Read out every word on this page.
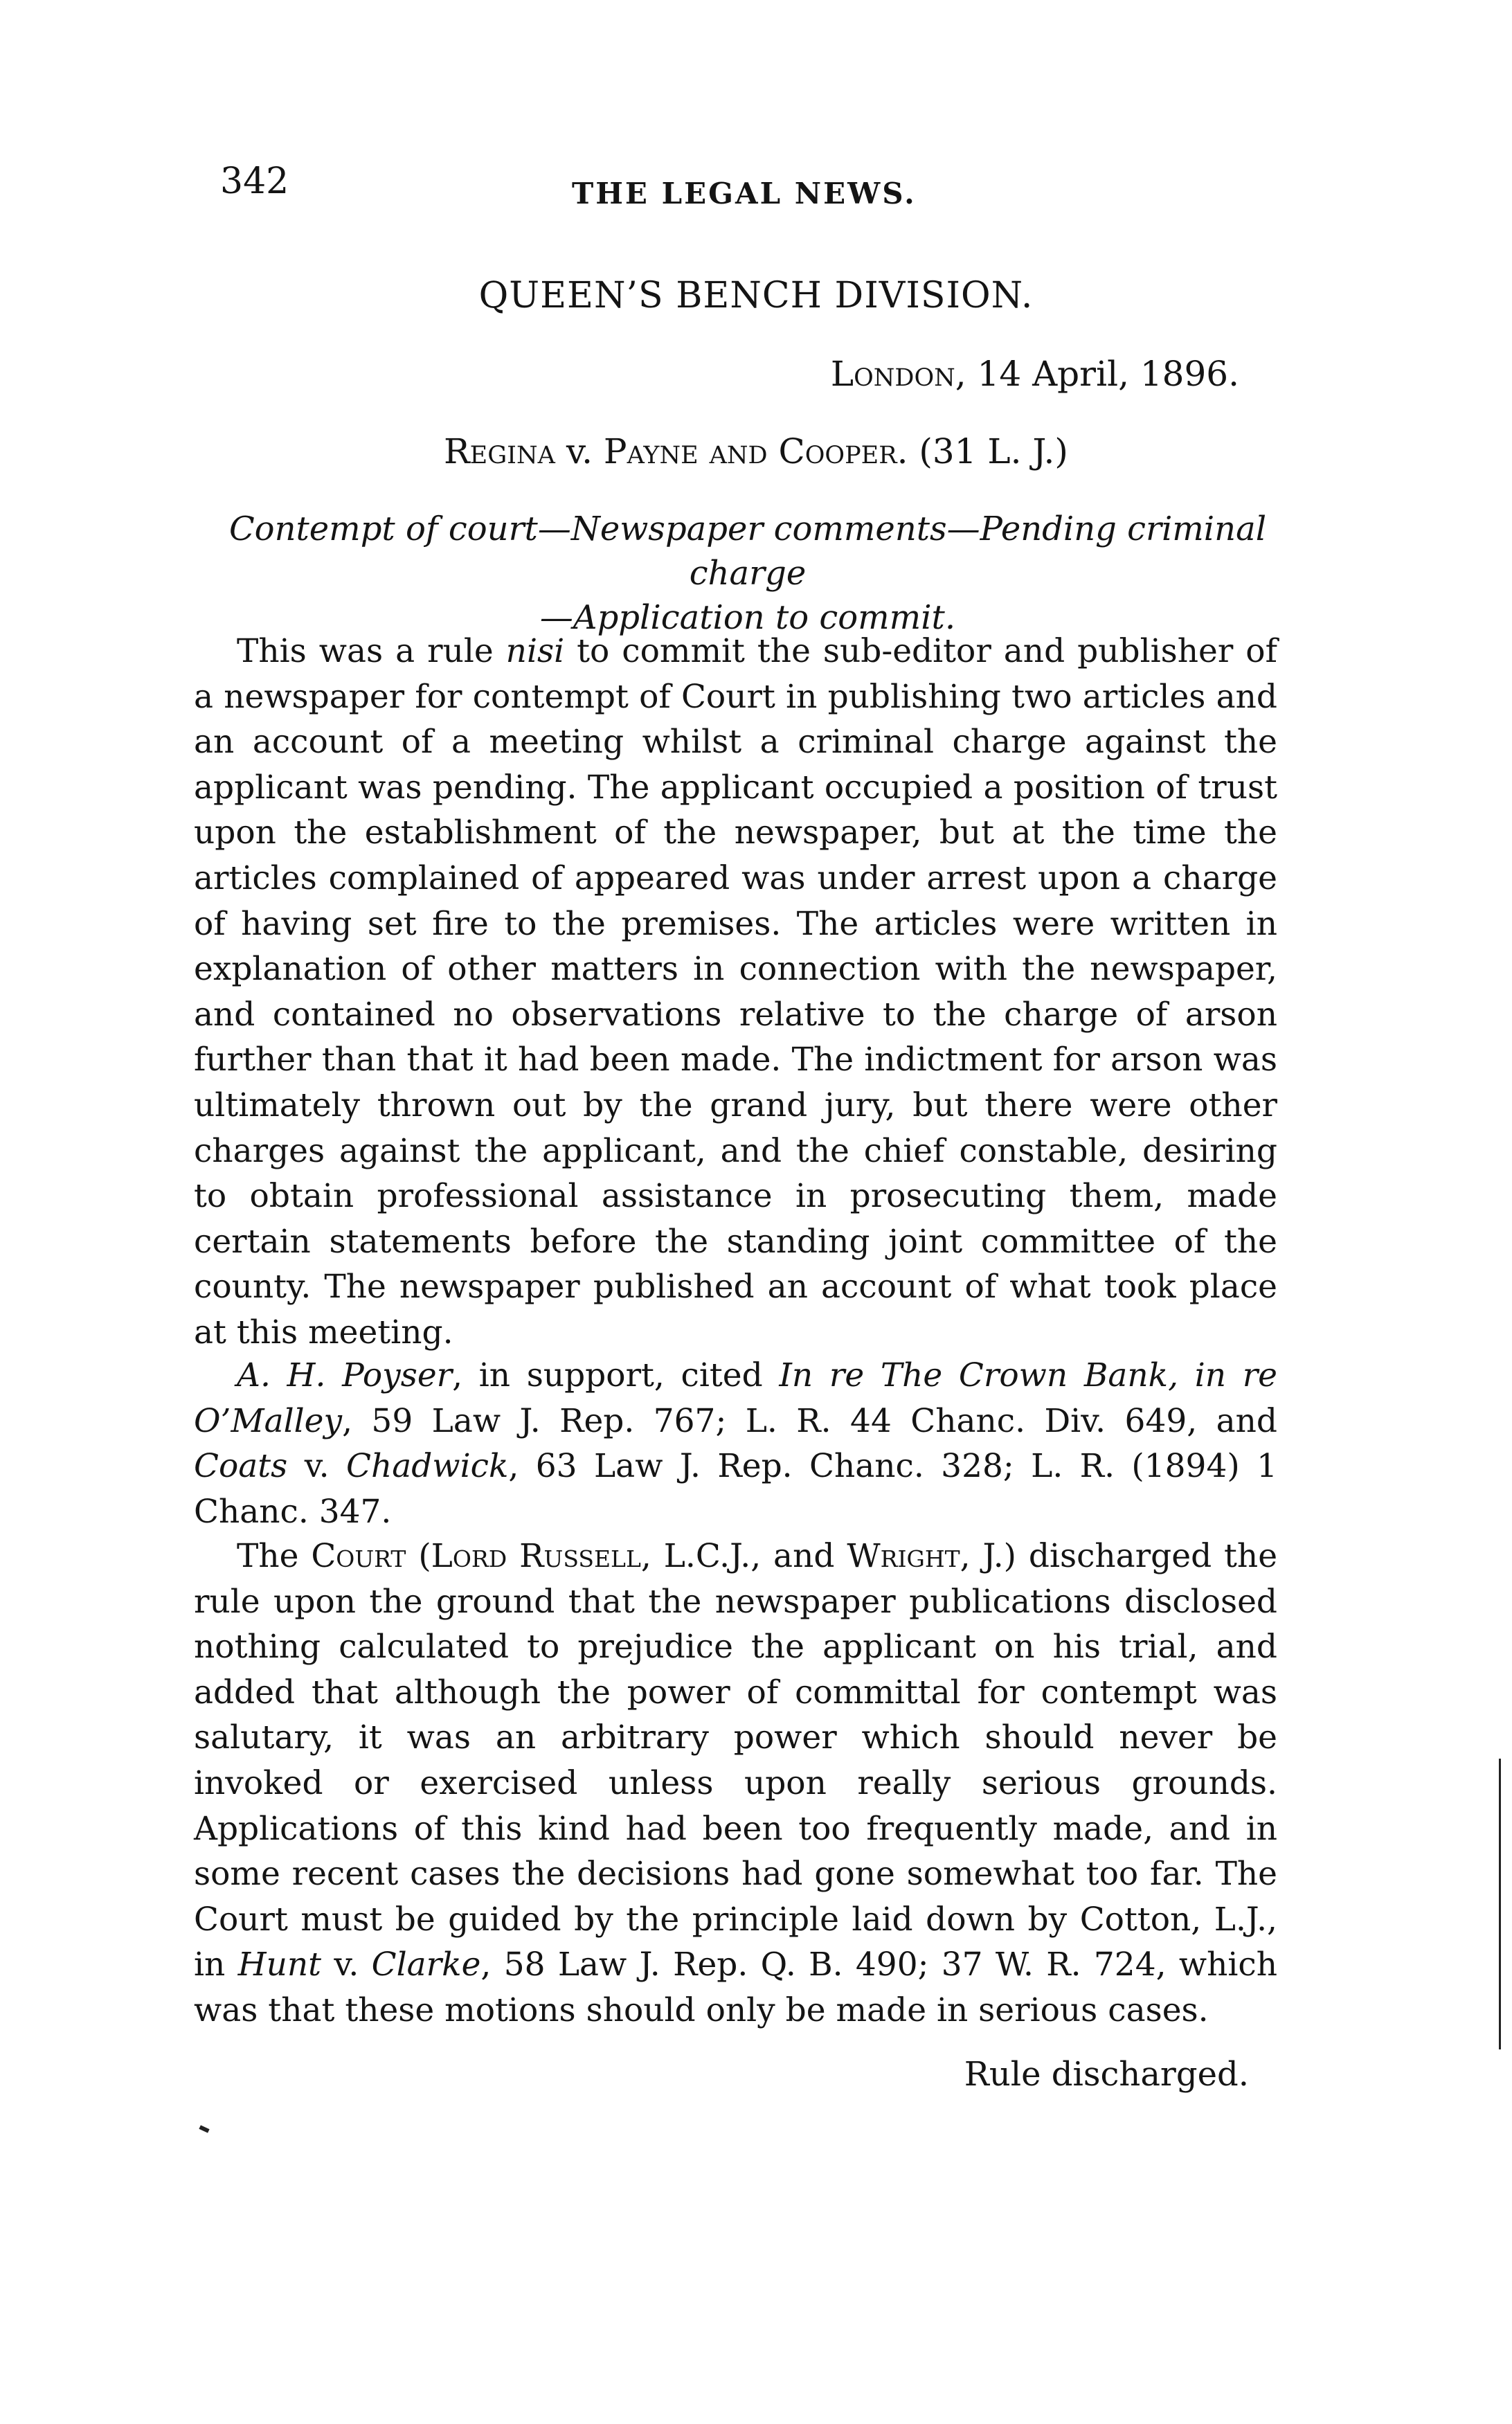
342	THE LEGAL NEWS.
QUEEN’S BENCH DIVISION.
London, 14 April, 1896.
Regina v. Payne and Cooper. (31 L. J.)
Contempt of court—Newspaper comments—Pending criminal charge
—Application to commit.

This was a rule nisi to commit the sub-editor and publisher of a newspaper for contempt of Court in publishing two articles and an account of a meeting whilst a criminal charge against the applicant was pending. The applicant occupied a position of trust upon the establishment of the newspaper, but at the time the articles complained of appeared was under arrest upon a charge of having set fire to the premises. The articles were written in explanation of other matters in connection with the newspaper, and contained no observations relative to the charge of arson further than that it had been made. The indictment for arson was ultimately thrown out by the grand jury, but there were other charges against the applicant, and the chief constable, desiring to obtain professional assistance in prosecuting them, made certain statements before the standing joint committee of the county. The newspaper published an account of what took place at this meeting.

A. H. Poyser, in support, cited In re The Crown Bank, in re O’Malley, 59 Law J. Rep. 767; L. R. 44 Chanc. Div. 649, and Coats v. Chadwick, 63 Law J. Rep. Chanc. 328; L. R. (1894) 1 Chanc. 347.

The Court (Lord Russell, L.C.J., and Wright, J.) discharged the rule upon the ground that the newspaper publications disclosed nothing calculated to prejudice the applicant on his trial, and added that although the power of committal for contempt was salutary, it was an arbitrary power which should never be invoked or exercised unless upon really serious grounds. Applications of this kind had been too frequently made, and in some recent cases the decisions had gone somewhat too far. The Court must be guided by the principle laid down by Cotton, L.J., in Hunt v. Clarke, 58 Law J. Rep. Q. B. 490; 37 W. R. 724, which was that these motions should only be made in serious cases.

Rule discharged.
